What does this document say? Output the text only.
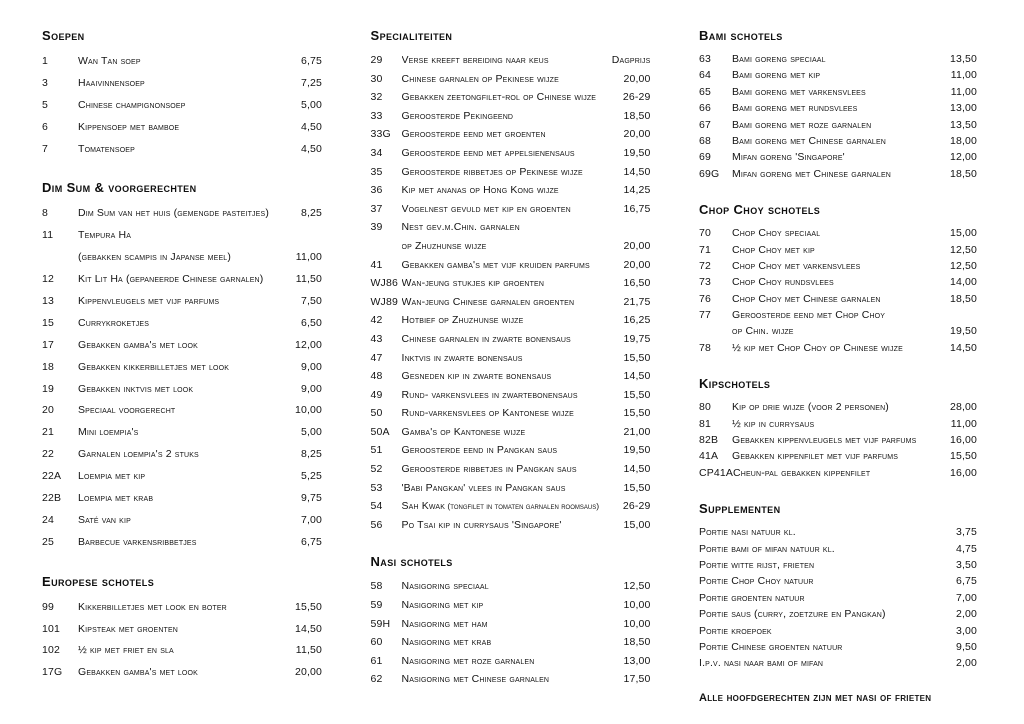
Soepen
1	Wan Tan soep	6,75
3	Haaivinnensoep	7,25
5	Chinese champignonsoep	5,00
6	Kippensoep met bamboe	4,50
7	Tomatensoep	4,50
Dim Sum & voorgerechten
8	Dim Sum van het huis (gemengde pasteitjes)	8,25
11	Tempura Ha
(gebakken scampis in Japanse meel)	11,00
12	Kit Lit Ha (gepaneerde Chinese garnalen)	11,50
13	Kippenvleugels met vijf parfums	7,50
15	Currykroketjes	6,50
17	Gebakken gamba's met look	12,00
18	Gebakken kikkerbilletjes met look	9,00
19	Gebakken inktvis met look	9,00
20	Speciaal voorgerecht	10,00
21	Mini loempia's	5,00
22	Garnalen loempia's 2 stuks	8,25
22A	Loempia met kip	5,25
22B	Loempia met krab	9,75
24	Saté van kip	7,00
25	Barbecue varkensribbetjes	6,75
Europese schotels
99	Kikkerbilletjes met look en boter	15,50
101	Kipsteak met groenten	14,50
102	½ kip met friet en sla	11,50
17G	Gebakken gamba's met look	20,00
Specialiteiten
29	Verse kreeft bereiding naar keus	Dagprijs
30	Chinese garnalen op Pekinese wijze	20,00
32	Gebakken zeetongfilet-rol op Chinese wijze	26-29
33	Geroosterde Pekingeend	18,50
33G	Geroosterde eend met groenten	20,00
34	Geroosterde eend met appelsienensaus	19,50
35	Geroosterde ribbetjes op Pekinese wijze	14,50
36	Kip met ananas op Hong Kong wijze	14,25
37	Vogelnest gevuld met kip en groenten	16,75
39	Nest gev.m.Chin. garnalen
op Zhuzhunse wijze	20,00
41	Gebakken gamba's met vijf kruiden parfums	20,00
WJ86 Wan-jeung stukjes kip groenten	16,50
WJ89 Wan-jeung Chinese garnalen groenten	21,75
42	Hotbief op Zhuzhunse wijze	16,25
43	Chinese garnalen in zwarte bonensaus	19,75
47	Inktvis in zwarte bonensaus	15,50
48	Gesneden kip in zwarte bonensaus	14,50
49	Rund- varkensvlees in zwartebonensaus	15,50
50	Rund-varkensvlees op Kantonese wijze	15,50
50A	Gamba's op Kantonese wijze	21,00
51	Geroosterde eend in Pangkan saus	19,50
52	Geroosterde ribbetjes in Pangkan saus	14,50
53	'Babi Pangkan' vlees in Pangkan saus	15,50
54	Sah Kwak (tongfilet in tomaten garnalen roomsaus)	26-29
56	Po Tsai kip in currysaus 'Singapore'	15,00
Nasi schotels
58	Nasigoring speciaal	12,50
59	Nasigoring met kip	10,00
59H	Nasigoring met ham	10,00
60	Nasigoring met krab	18,50
61	Nasigoring met roze garnalen	13,00
62	Nasigoring met Chinese garnalen	17,50
Bami schotels
63	Bami goreng speciaal	13,50
64	Bami goreng met kip	11,00
65	Bami goreng met varkensvlees	11,00
66	Bami goreng met rundsvlees	13,00
67	Bami goreng met roze garnalen	13,50
68	Bami goreng met Chinese garnalen	18,00
69	Mifan goreng 'Singapore'	12,00
69G	Mifan goreng met Chinese garnalen	18,50
Chop Choy schotels
70	Chop Choy speciaal	15,00
71	Chop Choy met kip	12,50
72	Chop Choy met varkensvlees	12,50
73	Chop Choy rundsvlees	14,00
76	Chop Choy met Chinese garnalen	18,50
77	Geroosterde eend met Chop Choy
op Chin. wijze	19,50
78	½ kip met Chop Choy op Chinese wijze	14,50
Kipschotels
80	Kip op drie wijze (voor 2 personen)	28,00
81	½ kip in currysaus	11,00
82B	Gebakken kippenvleugels met vijf parfums	16,00
41A	Gebakken kippenfilet met vijf parfums	15,50
CP41A Cheun-pal gebakken kippenfilet	16,00
Supplementen
Portie nasi natuur kl.	3,75
Portie bami of mifan natuur kl.	4,75
Portie witte rijst, frieten	3,50
Portie Chop Choy natuur	6,75
Portie groenten natuur	7,00
Portie saus (curry, zoetzure en Pangkan)	2,00
Portie kroepoek	3,00
Portie Chinese groenten natuur	9,50
I.p.v. nasi naar bami of mifan	2,00
Alle hoofdgerechten zijn met nasi of frieten
